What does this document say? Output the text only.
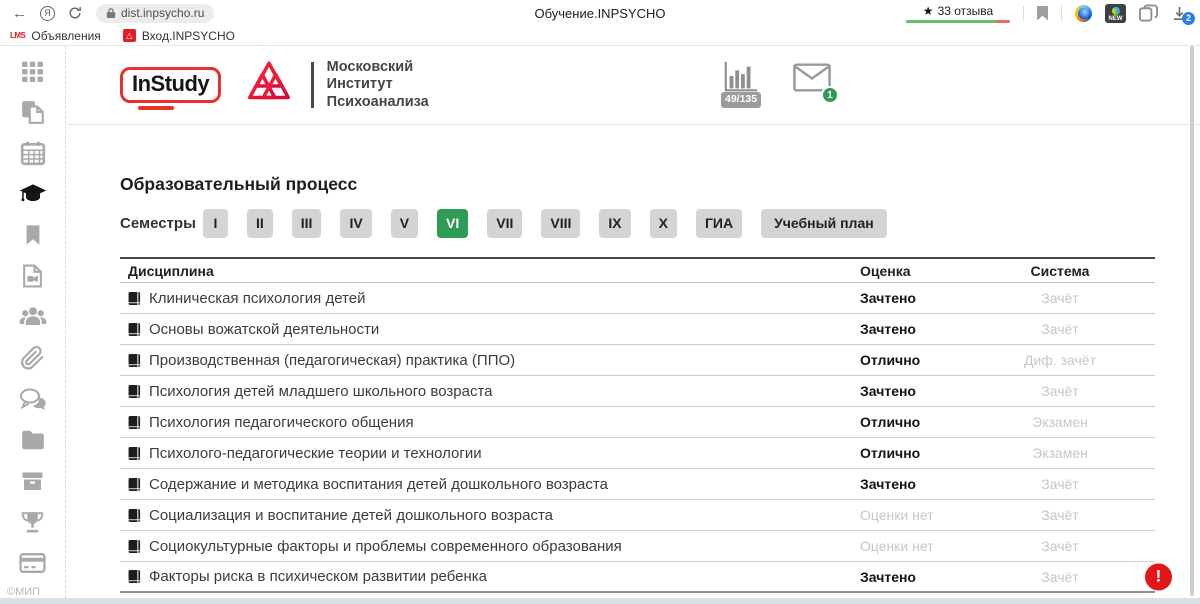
←	Я	dist.inpsycho.ru	Обучение.INPSYCHO	★ 33 отзыва
NEW	2
LMS Объявления	△ Вход.INPSYCHO
©МИП
InStudy
Московский
Институт
Психоанализа	49/135	1
Образовательный процесс
Семестры	I	II	III	IV	V	VI	VII	VIII	IX	X	ГИА	Учебный план
Дисциплина	Оценка	Система
Клиническая психология детей	Зачтено	Зачёт
Основы вожатской деятельности	Зачтено	Зачёт
Производственная (педагогическая) практика (ППО)	Отлично	Диф. зачёт
Психология детей младшего школьного возраста	Зачтено	Зачёт
Психология педагогического общения	Отлично	Экзамен
Психолого-педагогические теории и технологии	Отлично	Экзамен
Содержание и методика воспитания детей дошкольного возраста	Зачтено	Зачёт
Социализация и воспитание детей дошкольного возраста	Оценки нет	Зачёт
Социокультурные факторы и проблемы современного образования	Оценки нет	Зачёт
Факторы риска в психическом развитии ребенка	Зачтено	Зачёт	!
